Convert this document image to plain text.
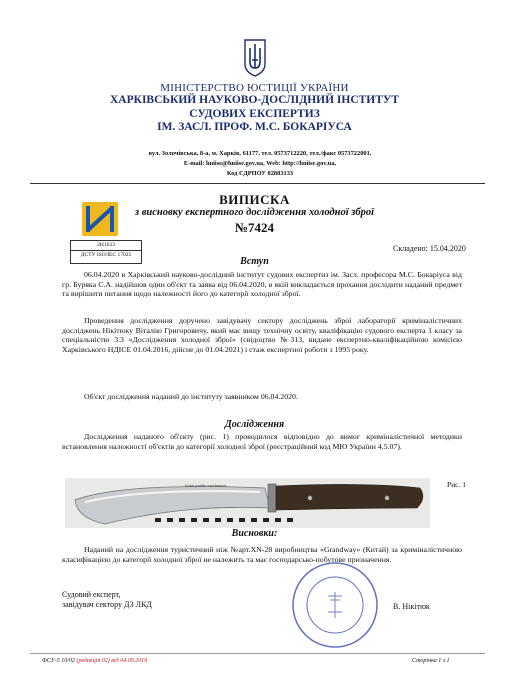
МІНІСТЕРСТВО ЮСТИЦІЇ УКРАЇНИ
ХАРКІВСЬКИЙ НАУКОВО-ДОСЛІДНИЙ ІНСТИТУТ
СУДОВИХ ЕКСПЕРТИЗ
ІМ. ЗАСЛ. ПРОФ. М.С. БОКАРІУСА
вул. Золочівська, 8-а, м. Харків, 61177, тел. 0573712220, тел./факс 0573722001,
E-mail: hniise@hniise.gov.ua, Web: http://hniise.gov.ua,
Код ЄДРПОУ 02883133
ВИПИСКА
з висновку експертного дослідження холодної зброї
№7424
2Н1633
ДСТУ ISO/IEC 17025
Складено: 15.04.2020
Вступ

06.04.2020 в Харківський науково-дослідний інститут судових експертиз ім. Засл. професора М.С. Бокаріуса від гр. Буряка С.А. надійшов один об'єкт та заява від 06.04.2020, в якій викладається прохання дослідити наданий предмет та вирішити питання щодо належності його до категорії холодної зброї.

Проведення дослідження доручено завідувачу сектору досліджень зброї лабораторії криміналістичних досліджень Нікітюку Віталію Григоровичу, який має вищу технічну освіту, кваліфікацію судового експерта 1 класу за спеціальністю 3.3 «Дослідження холодної зброї» (свідоцтво №313, видане експертно-кваліфікаційною комісією Харківського НДІСЕ 01.04.2016, дійсне до 01.04.2021) і стаж експертної роботи з 1995 року.

Об'єкт дослідження наданий до інституту заявником 06.04.2020.

Дослідження

Дослідження наданого об'єкту (рис. 1) проводилося відповідно до вимог криміналістичної методики встановлення належності об'єктів до категорії холодної зброї (реєстраційний код МЮ України 4.5.07).

Kukri profile mechanics	Рис. 1
Висновки:

Наданий на дослідження туристичний ніж №арт.XN-28 виробництва «Grandway» (Китай) за криміналістичною класифікацією до категорії холодної зброї не належить та має господарсько-побутове призначення.

Судовий експерт,
завідувач сектору ДЗ ЛКД	В. Нікітюк
ФСУ-5 10/02 (редакція 02) від 04.09.2019	Сторінка 1 з 1
